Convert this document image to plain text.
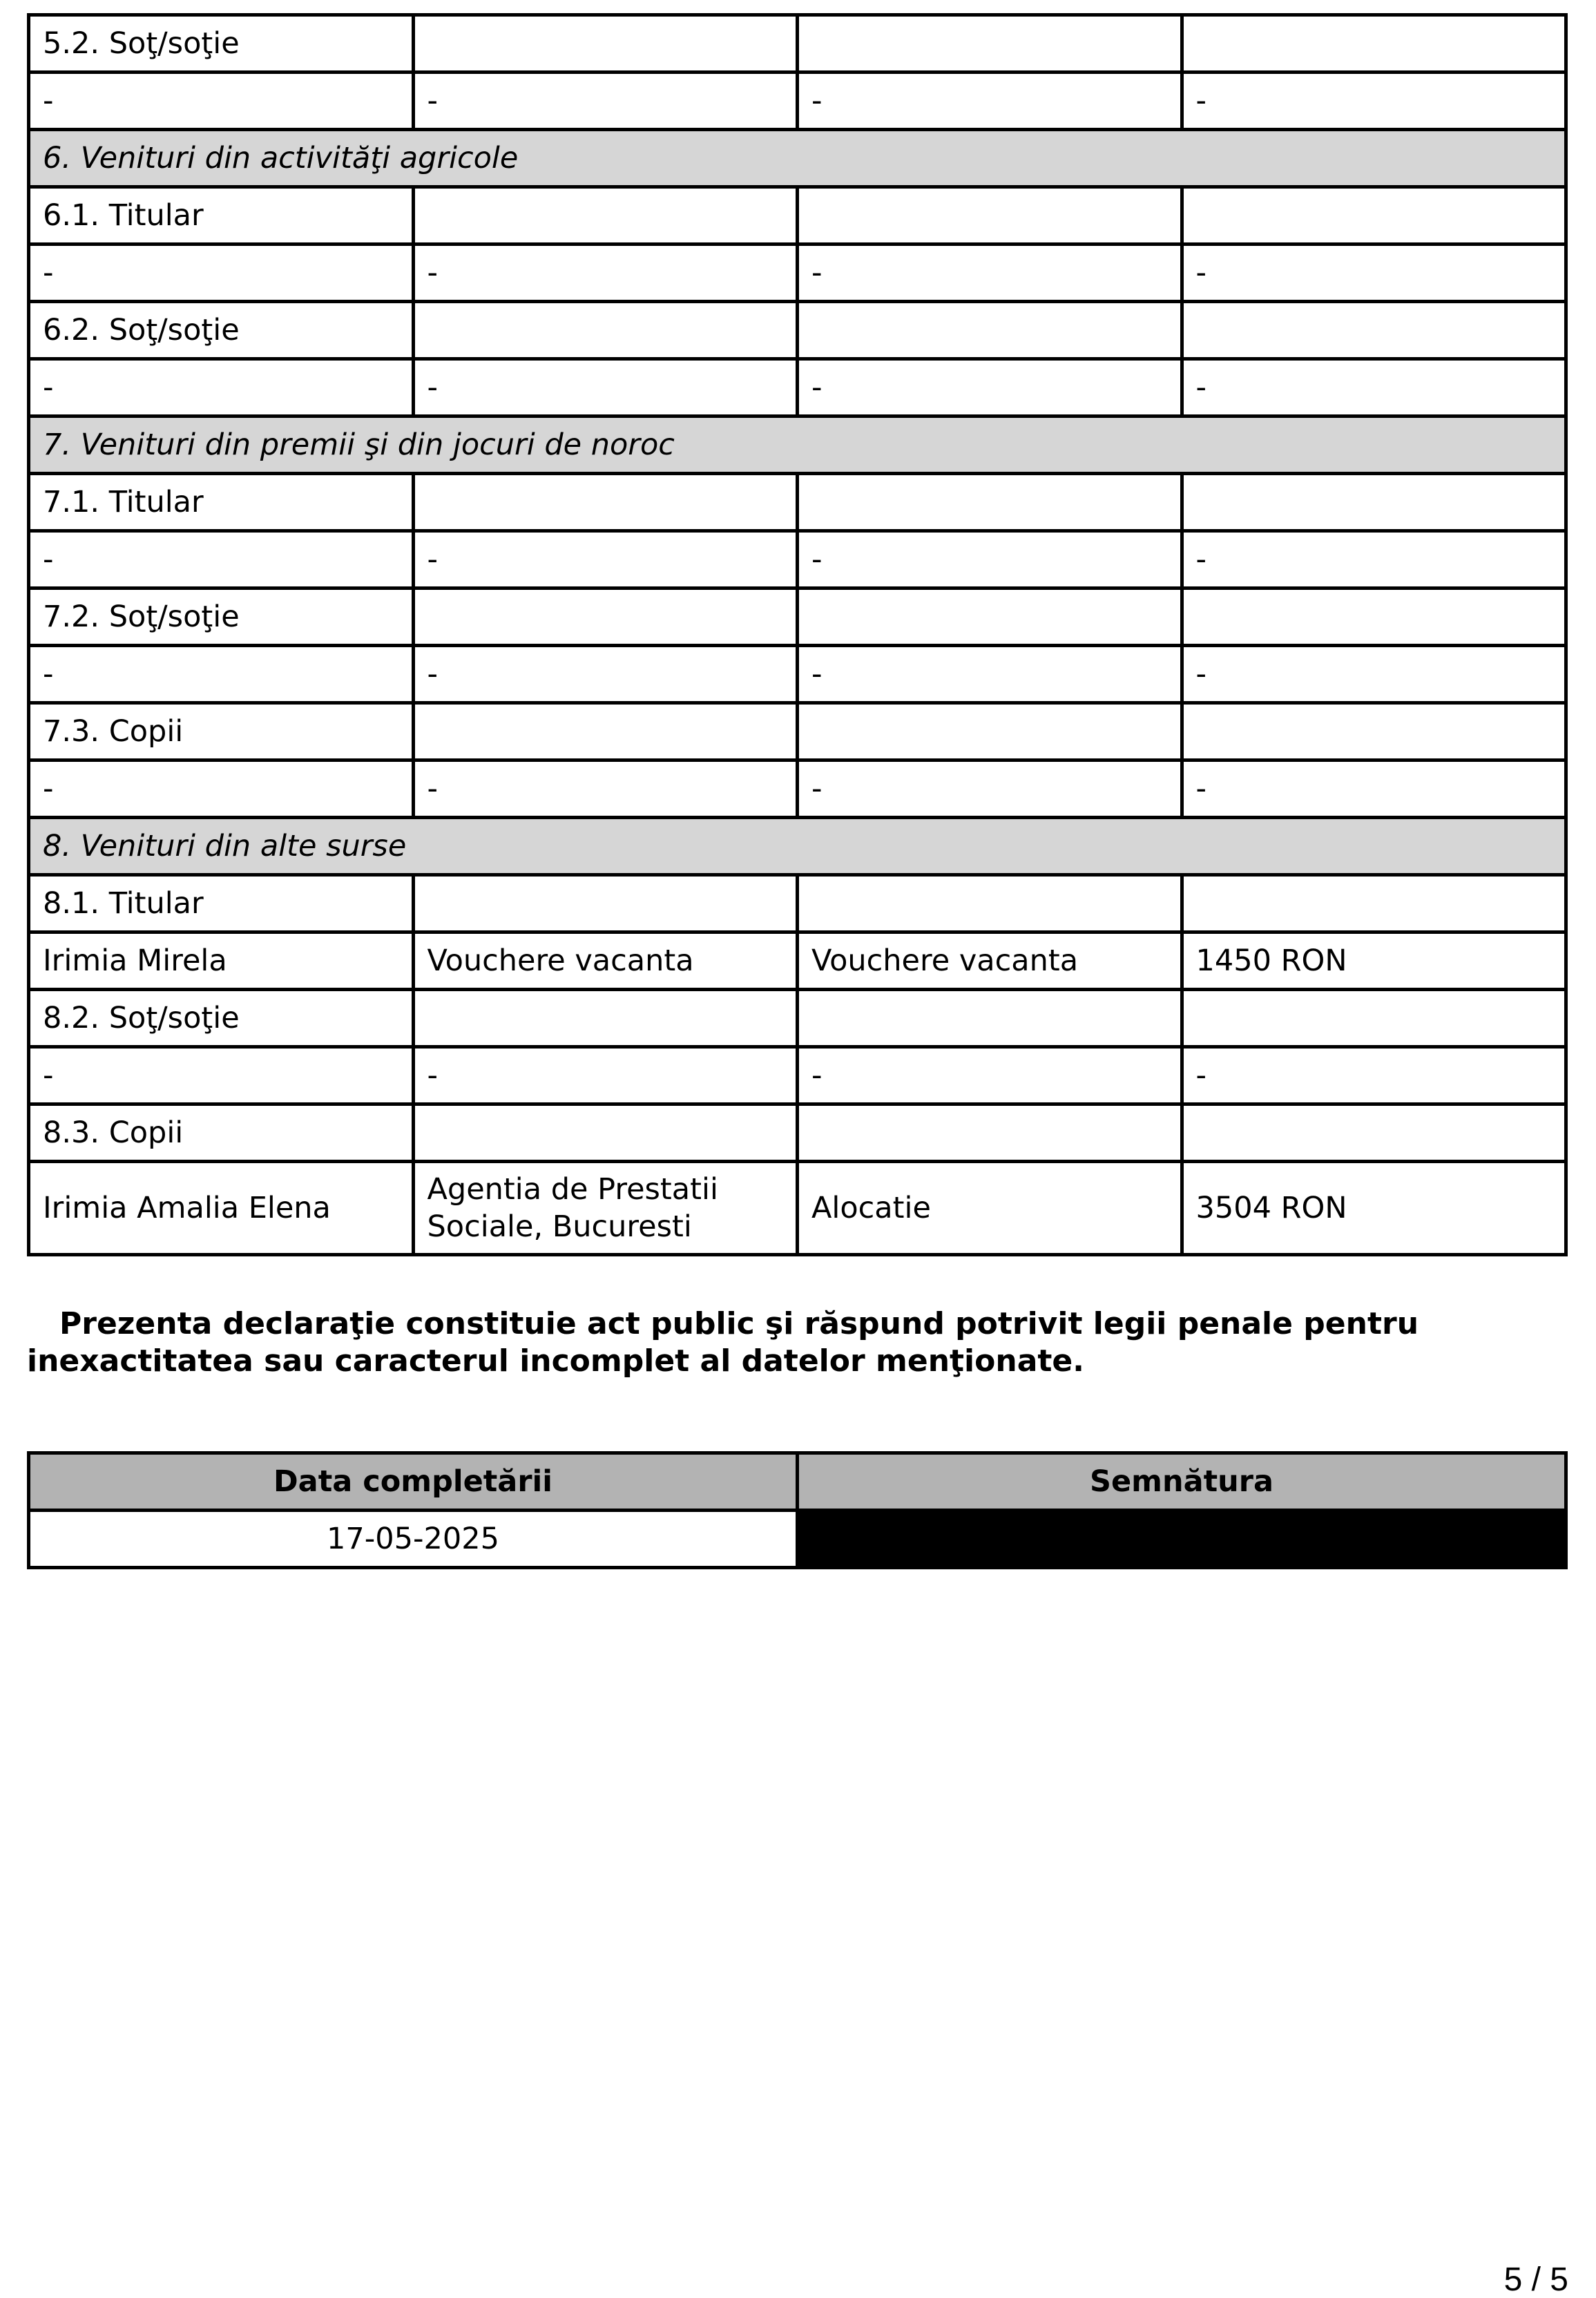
5.2. Soţ/soţie			
-	-	-	-
6. Venituri din activităţi agricole			
6.1. Titular			
-	-	-	-
6.2. Soţ/soţie			
-	-	-	-
7. Venituri din premii şi din jocuri de noroc			
7.1. Titular			
-	-	-	-
7.2. Soţ/soţie			
-	-	-	-
7.3. Copii			
-	-	-	-
8. Venituri din alte surse			
8.1. Titular			
Irimia Mirela	Vouchere vacanta	Vouchere vacanta	1450 RON
8.2. Soţ/soţie			
-	-	-	-
8.3. Copii			
Irimia Amalia Elena	Agentia de Prestatii Sociale, Bucuresti	Alocatie	3504 RON

Prezenta declaraţie constituie act public şi răspund potrivit legii penale pentru inexactitatea sau caracterul incomplet al datelor menţionate.

Data completării	Semnătura
17-05-2025	
5 / 5
